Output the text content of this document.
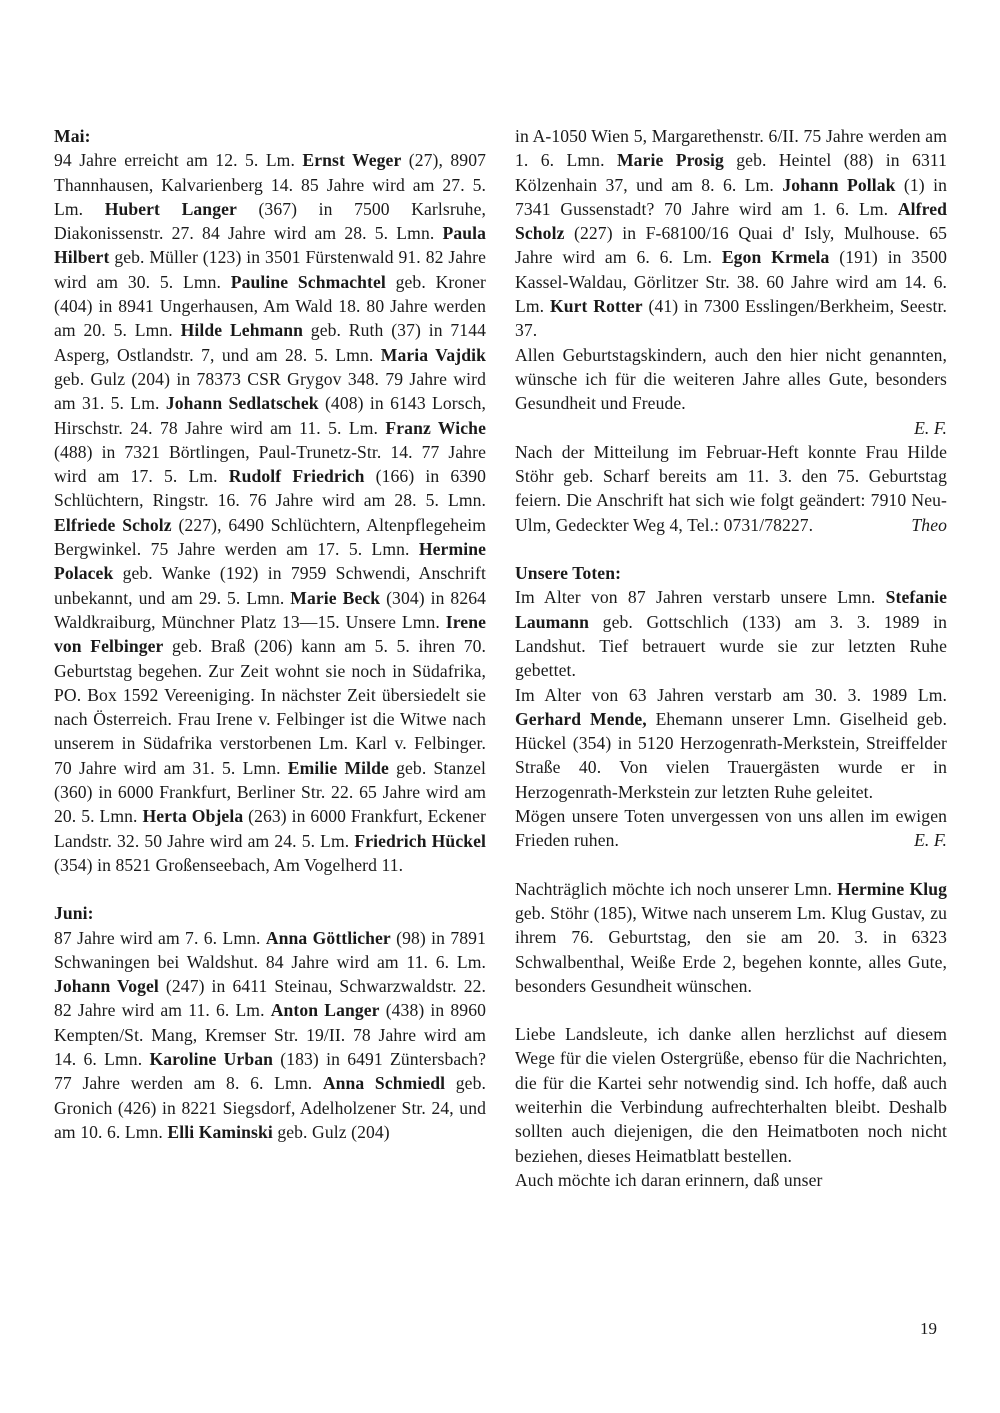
Mai:

94 Jahre erreicht am 12. 5. Lm. Ernst Weger (27), 8907 Thannhausen, Kalvarienberg 14. 85 Jahre wird am 27. 5. Lm. Hubert Langer (367) in 7500 Karlsruhe, Diakonissenstr. 27. 84 Jahre wird am 28. 5. Lmn. Paula Hilbert geb. Müller (123) in 3501 Fürstenwald 91. 82 Jahre wird am 30. 5. Lmn. Pauline Schmachtel geb. Kroner (404) in 8941 Ungerhausen, Am Wald 18. 80 Jahre werden am 20. 5. Lmn. Hilde Lehmann geb. Ruth (37) in 7144 Asperg, Ostlandstr. 7, und am 28. 5. Lmn. Maria Vajdik geb. Gulz (204) in 78373 CSR Grygov 348. 79 Jahre wird am 31. 5. Lm. Johann Sedlatschek (408) in 6143 Lorsch, Hirschstr. 24. 78 Jahre wird am 11. 5. Lm. Franz Wiche (488) in 7321 Börtlingen, Paul-Trunetz-Str. 14. 77 Jahre wird am 17. 5. Lm. Rudolf Friedrich (166) in 6390 Schlüchtern, Ringstr. 16. 76 Jahre wird am 28. 5. Lmn. Elfriede Scholz (227), 6490 Schlüchtern, Altenpflegeheim Bergwinkel. 75 Jahre werden am 17. 5. Lmn. Hermine Polacek geb. Wanke (192) in 7959 Schwendi, Anschrift unbekannt, und am 29. 5. Lmn. Marie Beck (304) in 8264 Waldkraiburg, Münchner Platz 13—15. Unsere Lmn. Irene von Felbinger geb. Braß (206) kann am 5. 5. ihren 70. Geburtstag begehen. Zur Zeit wohnt sie noch in Südafrika, PO. Box 1592 Vereeniging. In nächster Zeit übersiedelt sie nach Österreich. Frau Irene v. Felbinger ist die Witwe nach unserem in Südafrika verstorbenen Lm. Karl v. Felbinger. 70 Jahre wird am 31. 5. Lmn. Emilie Milde geb. Stanzel (360) in 6000 Frankfurt, Berliner Str. 22. 65 Jahre wird am 20. 5. Lmn. Herta Objela (263) in 6000 Frankfurt, Eckener Landstr. 32. 50 Jahre wird am 24. 5. Lm. Friedrich Hückel (354) in 8521 Großenseebach, Am Vogelherd 11.

Juni:

87 Jahre wird am 7. 6. Lmn. Anna Göttlicher (98) in 7891 Schwaningen bei Waldshut. 84 Jahre wird am 11. 6. Lm. Johann Vogel (247) in 6411 Steinau, Schwarzwaldstr. 22. 82 Jahre wird am 11. 6. Lm. Anton Langer (438) in 8960 Kempten/St. Mang, Kremser Str. 19/II. 78 Jahre wird am 14. 6. Lmn. Karoline Urban (183) in 6491 Züntersbach? 77 Jahre werden am 8. 6. Lmn. Anna Schmiedl geb. Gronich (426) in 8221 Siegsdorf, Adelholzener Str. 24, und am 10. 6. Lmn. Elli Kaminski geb. Gulz (204)

in A-1050 Wien 5, Margarethenstr. 6/II. 75 Jahre werden am 1. 6. Lmn. Marie Prosig geb. Heintel (88) in 6311 Kölzenhain 37, und am 8. 6. Lm. Johann Pollak (1) in 7341 Gussenstadt? 70 Jahre wird am 1. 6. Lm. Alfred Scholz (227) in F-68100/16 Quai d' Isly, Mulhouse. 65 Jahre wird am 6. 6. Lm. Egon Krmela (191) in 3500 Kassel-Waldau, Görlitzer Str. 38. 60 Jahre wird am 14. 6. Lm. Kurt Rotter (41) in 7300 Esslingen/Berkheim, Seestr. 37.

Allen Geburtstagskindern, auch den hier nicht genannten, wünsche ich für die weiteren Jahre alles Gute, besonders Gesundheit und Freude.

E. F.

Nach der Mitteilung im Februar-Heft konnte Frau Hilde Stöhr geb. Scharf bereits am 11. 3. den 75. Geburtstag feiern. Die Anschrift hat sich wie folgt geändert: 7910 Neu-Ulm, Gedeckter Weg 4, Tel.: 0731/78227.	Theo

Unsere Toten:

Im Alter von 87 Jahren verstarb unsere Lmn. Stefanie Laumann geb. Gottschlich (133) am 3. 3. 1989 in Landshut. Tief betrauert wurde sie zur letzten Ruhe gebettet.

Im Alter von 63 Jahren verstarb am 30. 3. 1989 Lm. Gerhard Mende, Ehemann unserer Lmn. Giselheid geb. Hückel (354) in 5120 Herzogenrath-Merkstein, Streiffelder Straße 40. Von vielen Trauergästen wurde er in Herzogenrath-Merkstein zur letzten Ruhe geleitet.

Mögen unsere Toten unvergessen von uns allen im ewigen Frieden ruhen.	E. F.

Nachträglich möchte ich noch unserer Lmn. Hermine Klug geb. Stöhr (185), Witwe nach unserem Lm. Klug Gustav, zu ihrem 76. Geburtstag, den sie am 20. 3. in 6323 Schwalbenthal, Weiße Erde 2, begehen konnte, alles Gute, besonders Gesundheit wünschen.

Liebe Landsleute, ich danke allen herzlichst auf diesem Wege für die vielen Ostergrüße, ebenso für die Nachrichten, die für die Kartei sehr notwendig sind. Ich hoffe, daß auch weiterhin die Verbindung aufrechterhalten bleibt. Deshalb sollten auch diejenigen, die den Heimatboten noch nicht beziehen, dieses Heimatblatt bestellen.

Auch möchte ich daran erinnern, daß unser

19
